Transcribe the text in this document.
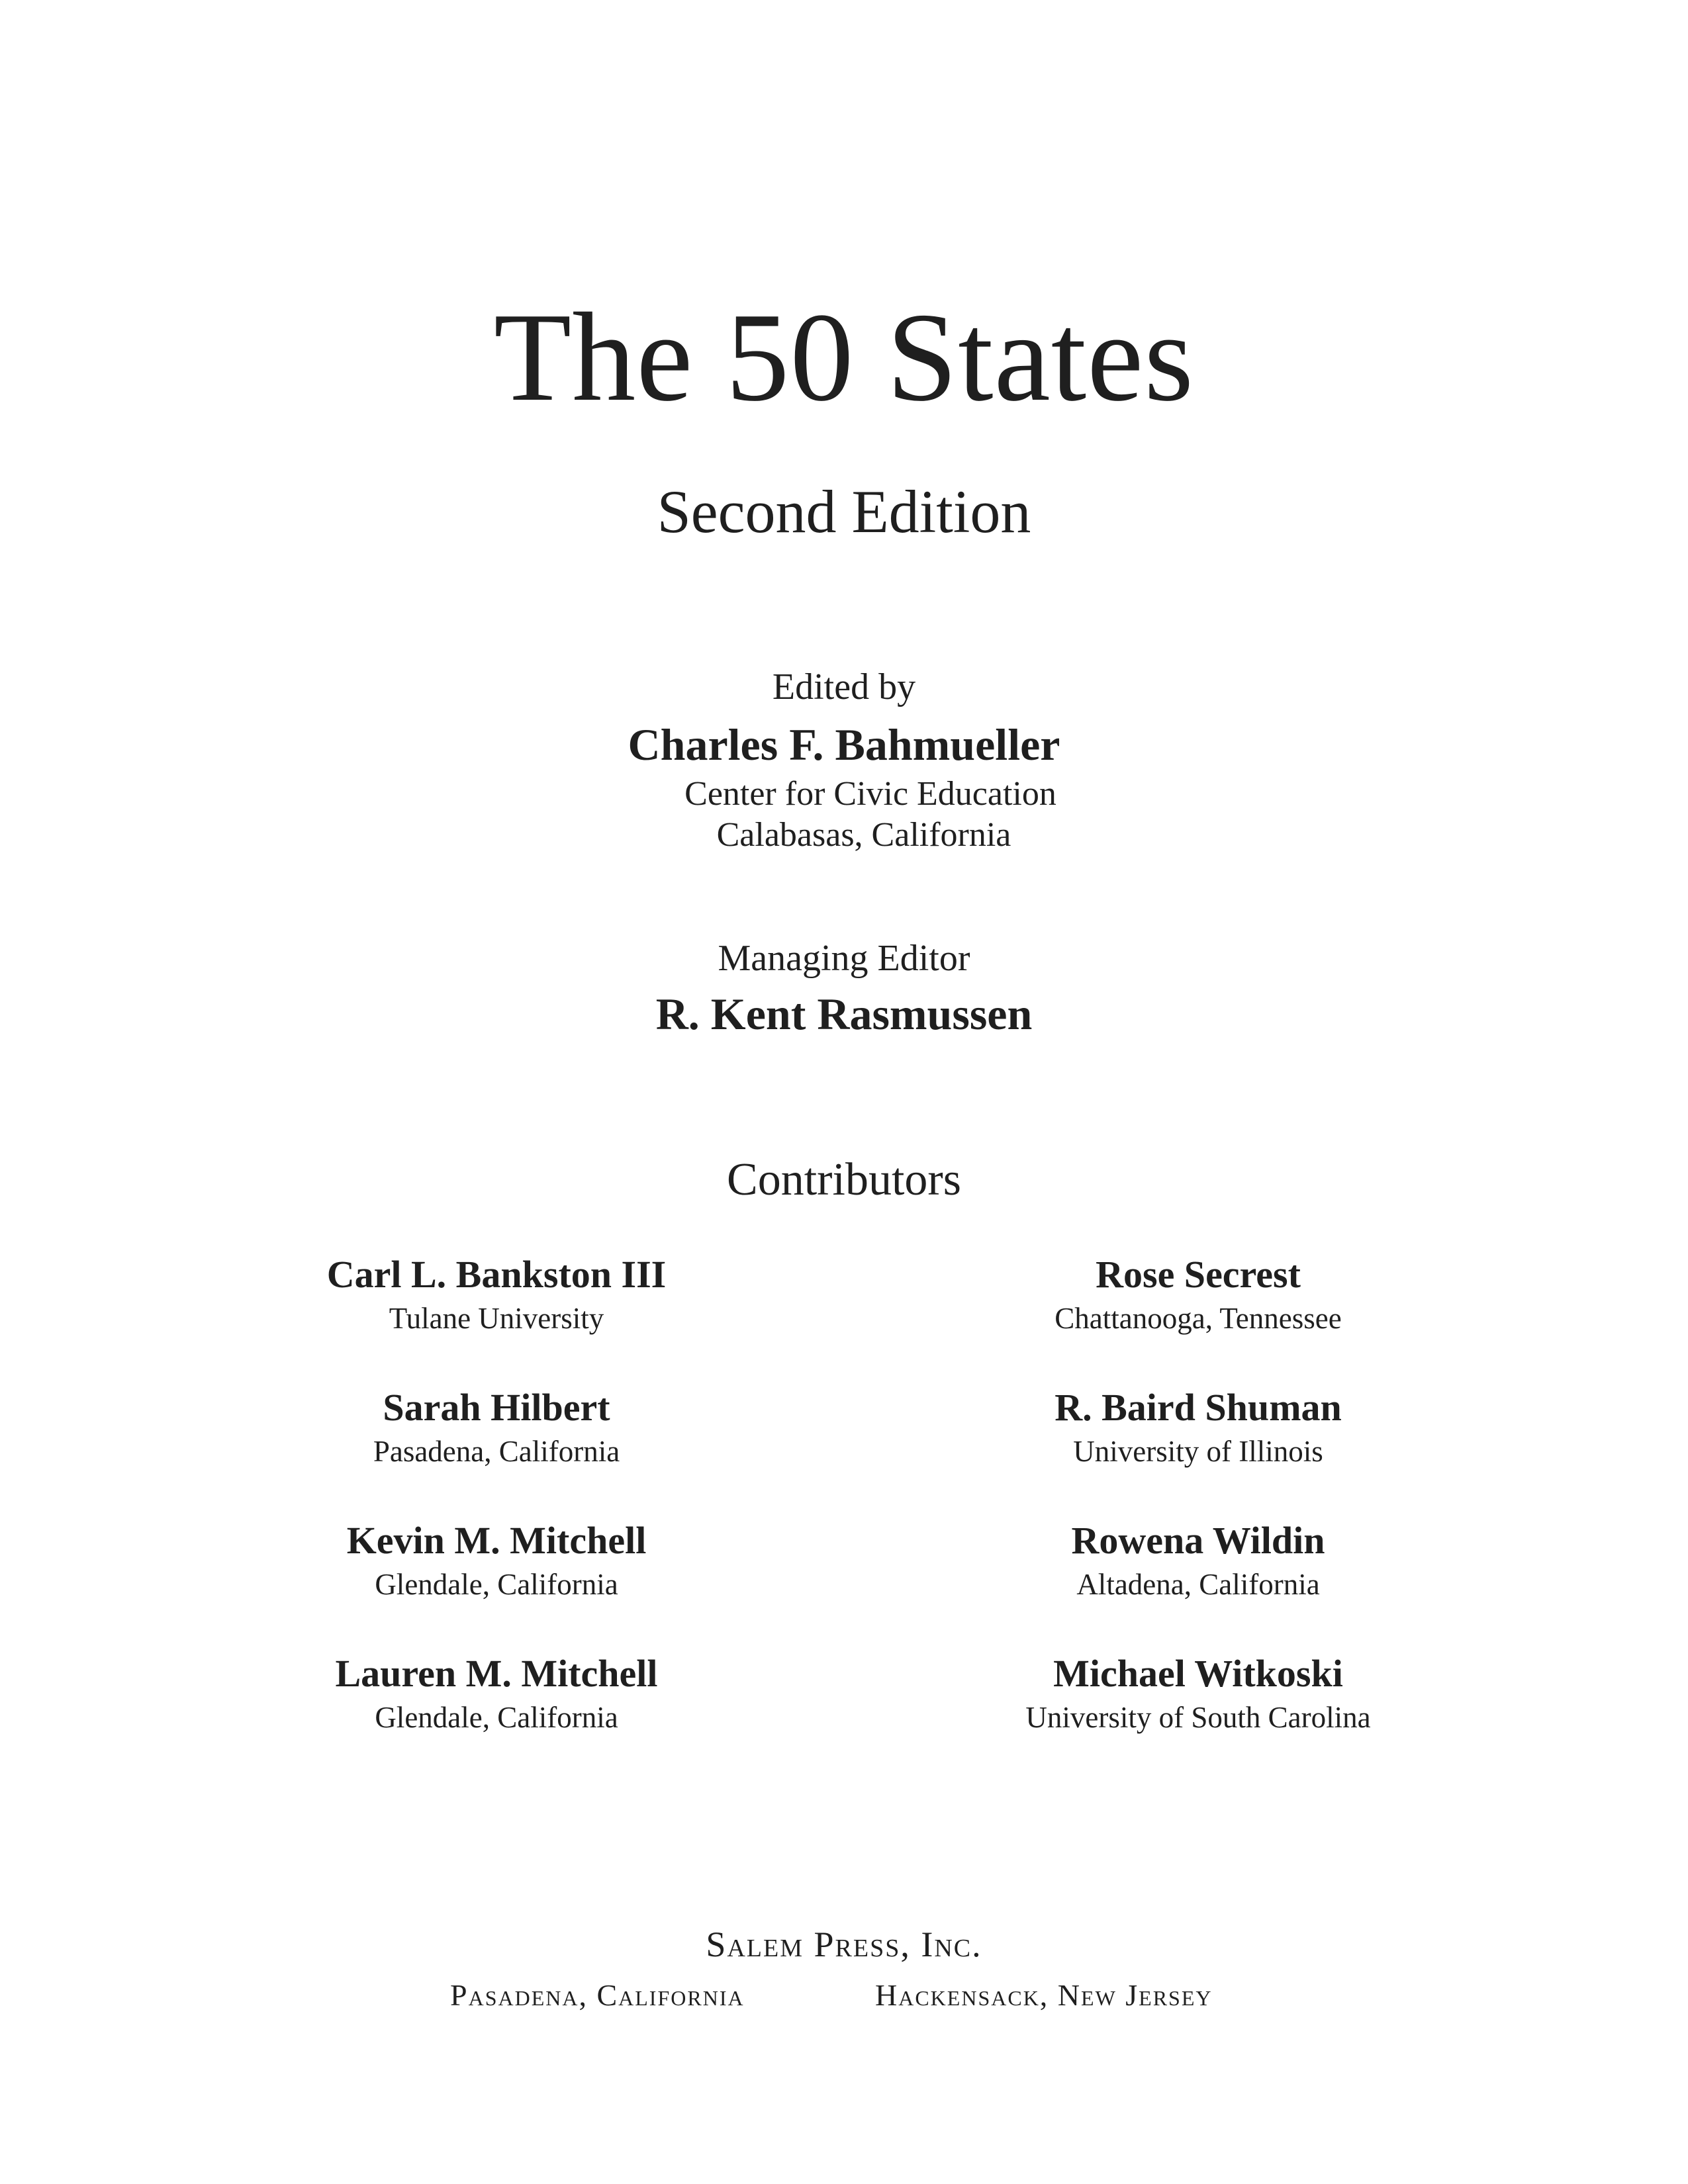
The 50 States
Second Edition
Edited by
Charles F. Bahmueller
Center for Civic Education
Calabasas, California
Managing Editor
R. Kent Rasmussen
Contributors
Carl L. Bankston III
Tulane University
Sarah Hilbert
Pasadena, California
Kevin M. Mitchell
Glendale, California
Lauren M. Mitchell
Glendale, California
Rose Secrest
Chattanooga, Tennessee
R. Baird Shuman
University of Illinois
Rowena Wildin
Altadena, California
Michael Witkoski
University of South Carolina
Salem Press, Inc.
Pasadena, California	Hackensack, New Jersey
